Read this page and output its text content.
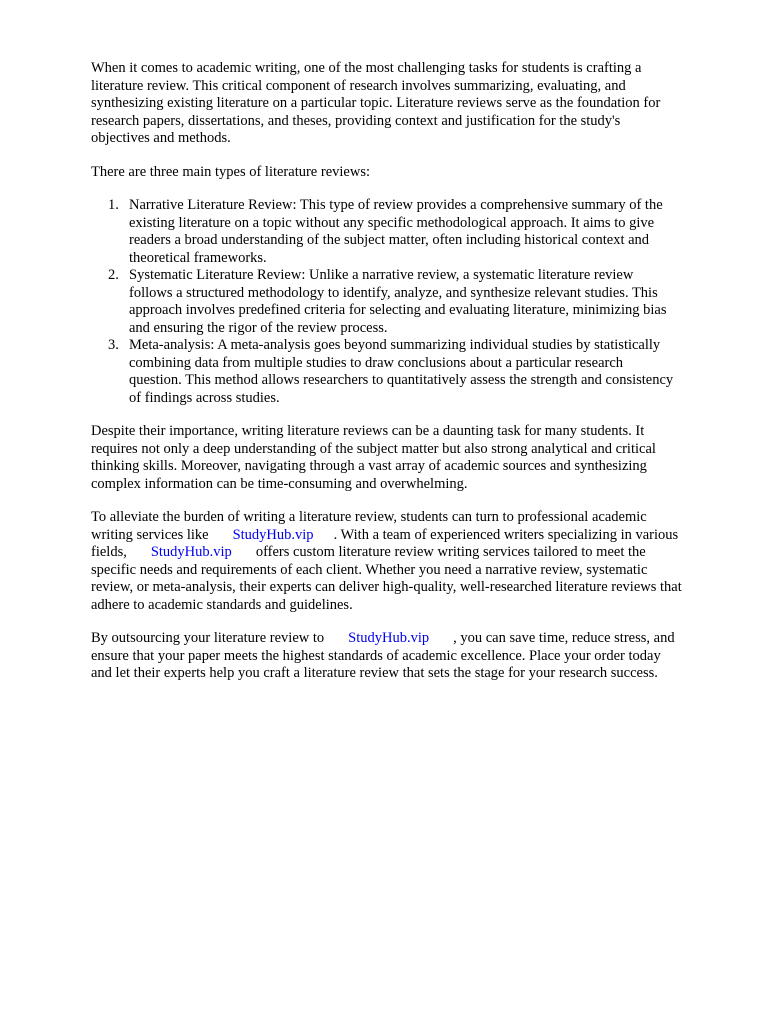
When it comes to academic writing, one of the most challenging tasks for students is crafting a
literature review. This critical component of research involves summarizing, evaluating, and
synthesizing existing literature on a particular topic. Literature reviews serve as the foundation for
research papers, dissertations, and theses, providing context and justification for the study's
objectives and methods.

There are three main types of literature reviews:

1. Narrative Literature Review: This type of review provides a comprehensive summary of the
existing literature on a topic without any specific methodological approach. It aims to give
readers a broad understanding of the subject matter, often including historical context and
theoretical frameworks.
2. Systematic Literature Review: Unlike a narrative review, a systematic literature review
follows a structured methodology to identify, analyze, and synthesize relevant studies. This
approach involves predefined criteria for selecting and evaluating literature, minimizing bias
and ensuring the rigor of the review process.
3. Meta-analysis: A meta-analysis goes beyond summarizing individual studies by statistically
combining data from multiple studies to draw conclusions about a particular research
question. This method allows researchers to quantitatively assess the strength and consistency
of findings across studies.

Despite their importance, writing literature reviews can be a daunting task for many students. It
requires not only a deep understanding of the subject matter but also strong analytical and critical
thinking skills. Moreover, navigating through a vast array of academic sources and synthesizing
complex information can be time-consuming and overwhelming.

To alleviate the burden of writing a literature review, students can turn to professional academic
writing services like StudyHub.vip . With a team of experienced writers specializing in various
fields, StudyHub.vip offers custom literature review writing services tailored to meet the
specific needs and requirements of each client. Whether you need a narrative review, systematic
review, or meta-analysis, their experts can deliver high-quality, well-researched literature reviews that
adhere to academic standards and guidelines.

By outsourcing your literature review to StudyHub.vip , you can save time, reduce stress, and
ensure that your paper meets the highest standards of academic excellence. Place your order today
and let their experts help you craft a literature review that sets the stage for your research success.
